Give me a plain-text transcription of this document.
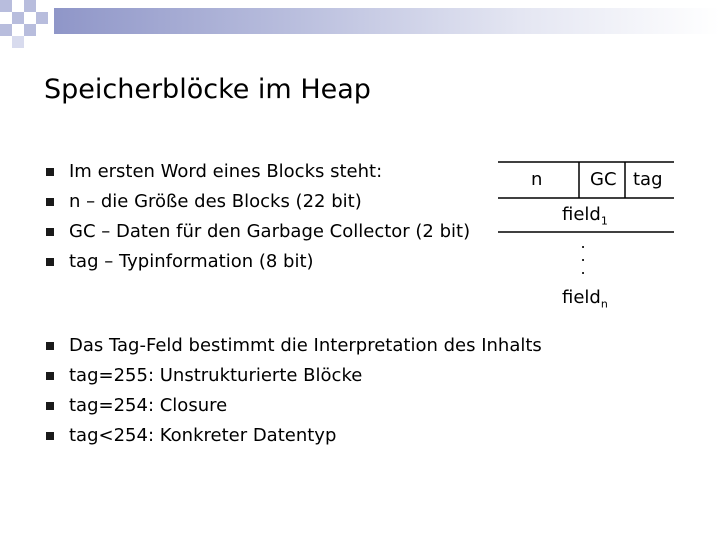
Speicherblöcke im Heap
Im ersten Word eines Blocks steht:
n – die Größe des Blocks (22 bit)
GC – Daten für den Garbage Collector (2 bit)
tag – Typinformation (8 bit)
Das Tag-Feld bestimmt die Interpretation des Inhalts
tag=255: Unstrukturierte Blöcke
tag=254: Closure
tag<254: Konkreter Datentyp
n	GC tag
field$_1$
.
.
.
field$_n$
